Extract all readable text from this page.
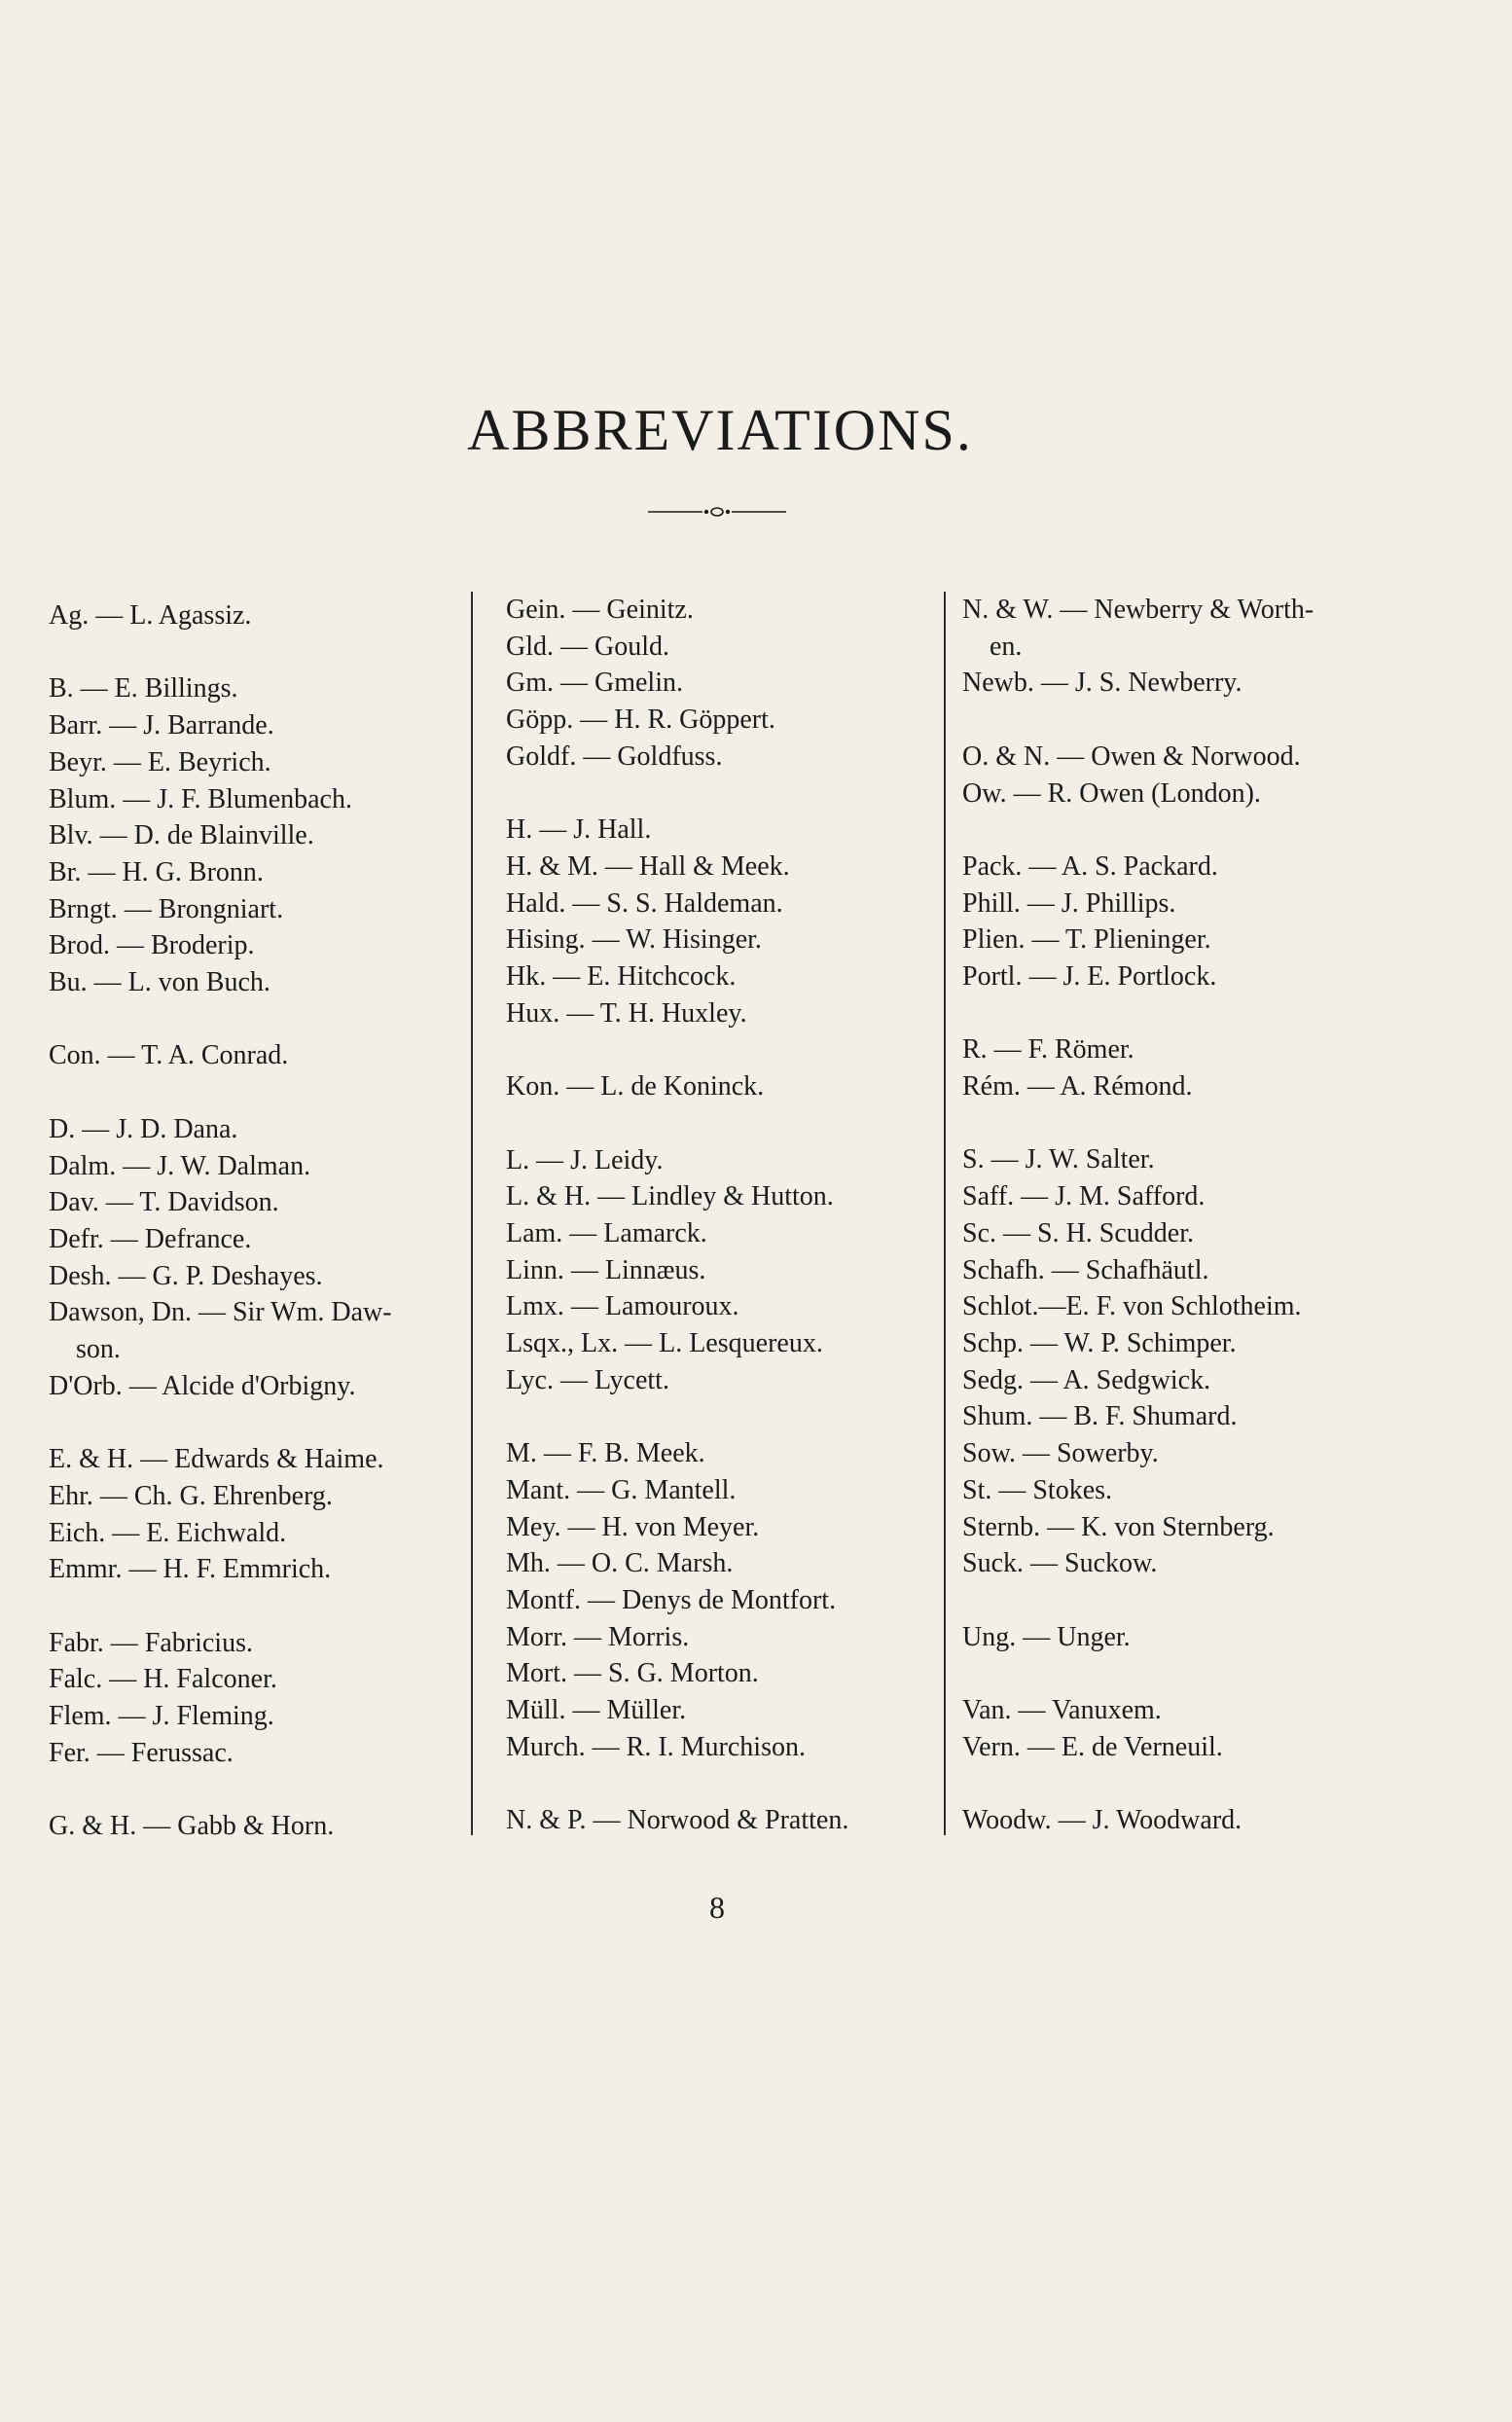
ABBREVIATIONS.
Ag. — L. Agassiz.
B. — E. Billings.
Barr. — J. Barrande.
Beyr. — E. Beyrich.
Blum. — J. F. Blumenbach.
Blv. — D. de Blainville.
Br. — H. G. Bronn.
Brngt. — Brongniart.
Brod. — Broderip.
Bu. — L. von Buch.
Con. — T. A. Conrad.
D. — J. D. Dana.
Dalm. — J. W. Dalman.
Dav. — T. Davidson.
Defr. — Defrance.
Desh. — G. P. Deshayes.
Dawson, Dn. — Sir Wm. Daw-
son.
D'Orb. — Alcide d'Orbigny.
E. & H. — Edwards & Haime.
Ehr. — Ch. G. Ehrenberg.
Eich. — E. Eichwald.
Emmr. — H. F. Emmrich.
Fabr. — Fabricius.
Falc. — H. Falconer.
Flem. — J. Fleming.
Fer. — Ferussac.
G. & H. — Gabb & Horn.
Gein. — Geinitz.
Gld. — Gould.
Gm. — Gmelin.
Göpp. — H. R. Göppert.
Goldf. — Goldfuss.
H. — J. Hall.
H. & M. — Hall & Meek.
Hald. — S. S. Haldeman.
Hising. — W. Hisinger.
Hk. — E. Hitchcock.
Hux. — T. H. Huxley.
Kon. — L. de Koninck.
L. — J. Leidy.
L. & H. — Lindley & Hutton.
Lam. — Lamarck.
Linn. — Linnæus.
Lmx. — Lamouroux.
Lsqx., Lx. — L. Lesquereux.
Lyc. — Lycett.
M. — F. B. Meek.
Mant. — G. Mantell.
Mey. — H. von Meyer.
Mh. — O. C. Marsh.
Montf. — Denys de Montfort.
Morr. — Morris.
Mort. — S. G. Morton.
Müll. — Müller.
Murch. — R. I. Murchison.
N. & P. — Norwood & Pratten.
N. & W. — Newberry & Worth-
en.
Newb. — J. S. Newberry.
O. & N. — Owen & Norwood.
Ow. — R. Owen (London).
Pack. — A. S. Packard.
Phill. — J. Phillips.
Plien. — T. Plieninger.
Portl. — J. E. Portlock.
R. — F. Römer.
Rém. — A. Rémond.
S. — J. W. Salter.
Saff. — J. M. Safford.
Sc. — S. H. Scudder.
Schafh. — Schafhäutl.
Schlot.—E. F. von Schlotheim.
Schp. — W. P. Schimper.
Sedg. — A. Sedgwick.
Shum. — B. F. Shumard.
Sow. — Sowerby.
St. — Stokes.
Sternb. — K. von Sternberg.
Suck. — Suckow.
Ung. — Unger.
Van. — Vanuxem.
Vern. — E. de Verneuil.
Woodw. — J. Woodward.
8
